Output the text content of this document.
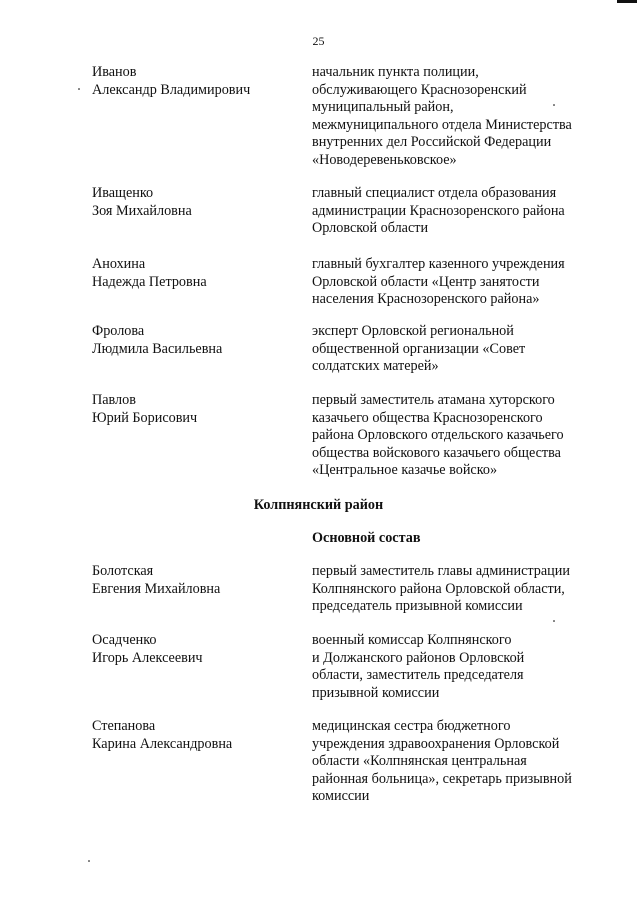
25
Иванов
Александр Владимирович
начальник пункта полиции,
обслуживающего Краснозоренский
муниципальный район,
межмуниципального отдела Министерства
внутренних дел Российской Федерации
«Новодеревеньковское»
Иващенко
Зоя Михайловна
главный специалист отдела образования
администрации Краснозоренского района
Орловской области
Анохина
Надежда Петровна
главный бухгалтер казенного учреждения
Орловской области «Центр занятости
населения Краснозоренского района»
Фролова
Людмила Васильевна
эксперт Орловской региональной
общественной организации «Совет
солдатских матерей»
Павлов
Юрий Борисович
первый заместитель атамана хуторского
казачьего общества Краснозоренского
района Орловского отдельского казачьего
общества войскового казачьего общества
«Центральное казачье войско»
Колпнянский район
Основной состав
Болотская
Евгения Михайловна
первый заместитель главы администрации
Колпнянского района Орловской области,
председатель призывной комиссии
Осадченко
Игорь Алексеевич
военный комиссар Колпнянского
и Должанского районов Орловской
области, заместитель председателя
призывной комиссии
Степанова
Карина Александровна
медицинская сестра бюджетного
учреждения здравоохранения Орловской
области «Колпнянская центральная
районная больница», секретарь призывной
комиссии
